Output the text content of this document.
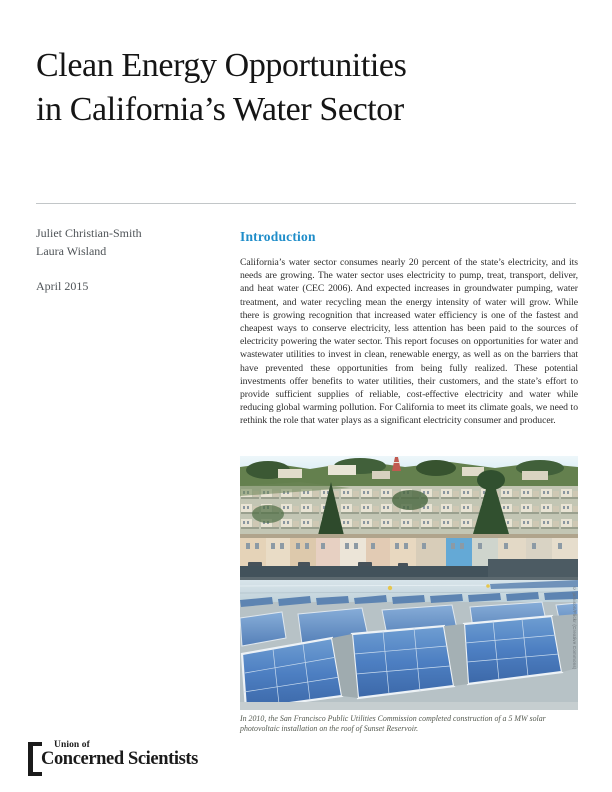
Clean Energy Opportunities
in California’s Water Sector
Juliet Christian-Smith
Laura Wisland
April 2015
Introduction
California’s water sector consumes nearly 20 percent of the state’s electricity, and its needs are growing. The water sector uses electricity to pump, treat, transport, deliver, and heat water (CEC 2006). And expected increases in groundwater pumping, water treatment, and water recycling mean the energy intensity of water will grow. While there is growing recognition that increased water efficiency is one of the fastest and cheapest ways to conserve electricity, less attention has been paid to the sources of electricity powering the water sector. This report focuses on opportunities for water and wastewater utilities to invest in clean, renewable energy, as well as on the barriers that have prevented these opportunities from being fully realized. These potential investments offer benefits to water utilities, their customers, and the state’s effort to provide sufficient supplies of reliable, cost-effective electricity and water while reducing global warming pollution. For California to meet its climate goals, we need to rethink the role that water plays as a significant electricity consumer and producer.
© jamison/Flickr (Creative Commons)
In 2010, the San Francisco Public Utilities Commission completed construction of a 5 MW solar photovoltaic installation on the roof of Sunset Reservoir.
Union of
Concerned Scientists
